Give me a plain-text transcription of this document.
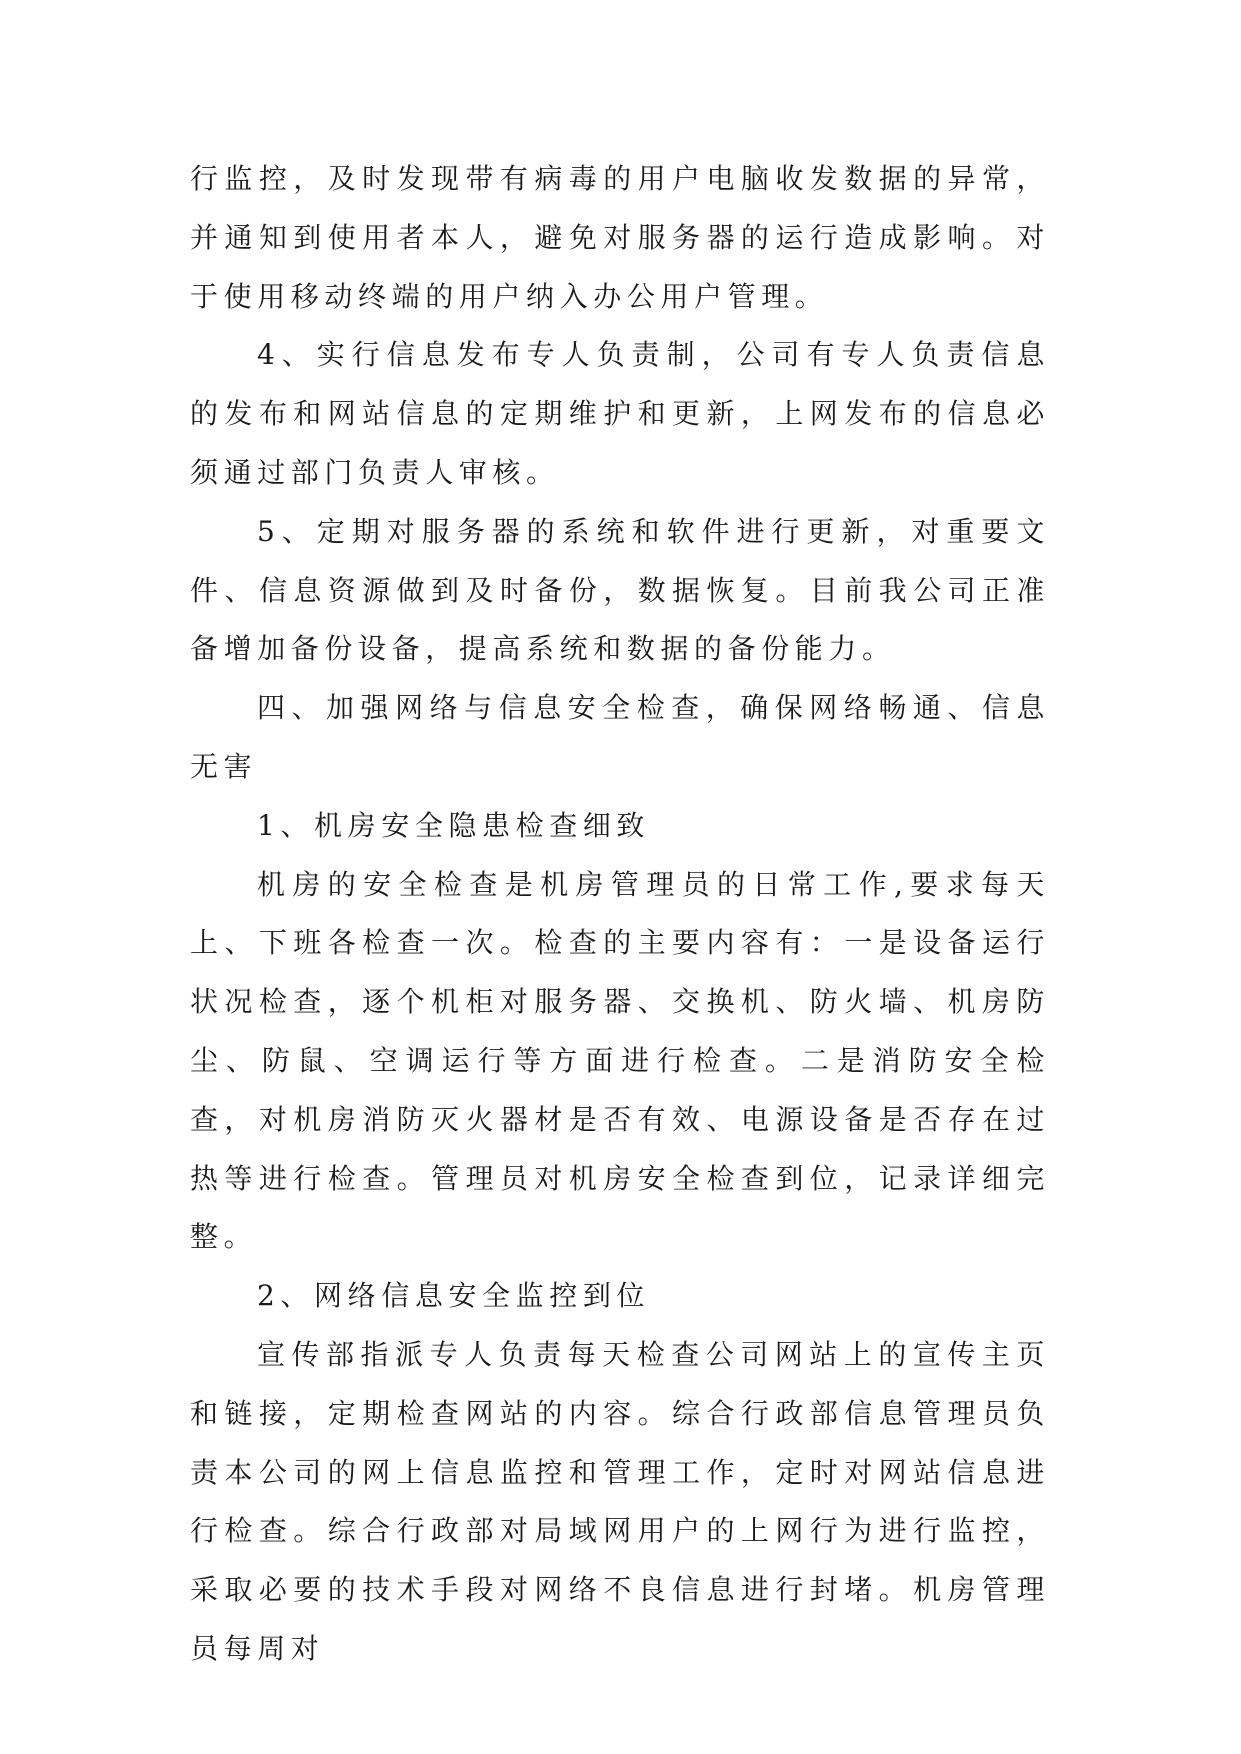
行监控，及时发现带有病毒的用户电脑收发数据的异常，并通知到使用者本人，避免对服务器的运行造成影响。对于使用移动终端的用户纳入办公用户管理。

4、实行信息发布专人负责制，公司有专人负责信息的发布和网站信息的定期维护和更新，上网发布的信息必须通过部门负责人审核。

5、定期对服务器的系统和软件进行更新，对重要文件、信息资源做到及时备份，数据恢复。目前我公司正准备增加备份设备，提高系统和数据的备份能力。

四、加强网络与信息安全检查，确保网络畅通、信息无害

1、机房安全隐患检查细致

机房的安全检查是机房管理员的日常工作,要求每天上、下班各检查一次。检查的主要内容有：一是设备运行状况检查，逐个机柜对服务器、交换机、防火墙、机房防尘、防鼠、空调运行等方面进行检查。二是消防安全检查，对机房消防灭火器材是否有效、电源设备是否存在过热等进行检查。管理员对机房安全检查到位，记录详细完整。

2、网络信息安全监控到位

宣传部指派专人负责每天检查公司网站上的宣传主页和链接，定期检查网站的内容。综合行政部信息管理员负责本公司的网上信息监控和管理工作，定时对网站信息进行检查。综合行政部对局域网用户的上网行为进行监控，采取必要的技术手段对网络不良信息进行封堵。机房管理员每周对
